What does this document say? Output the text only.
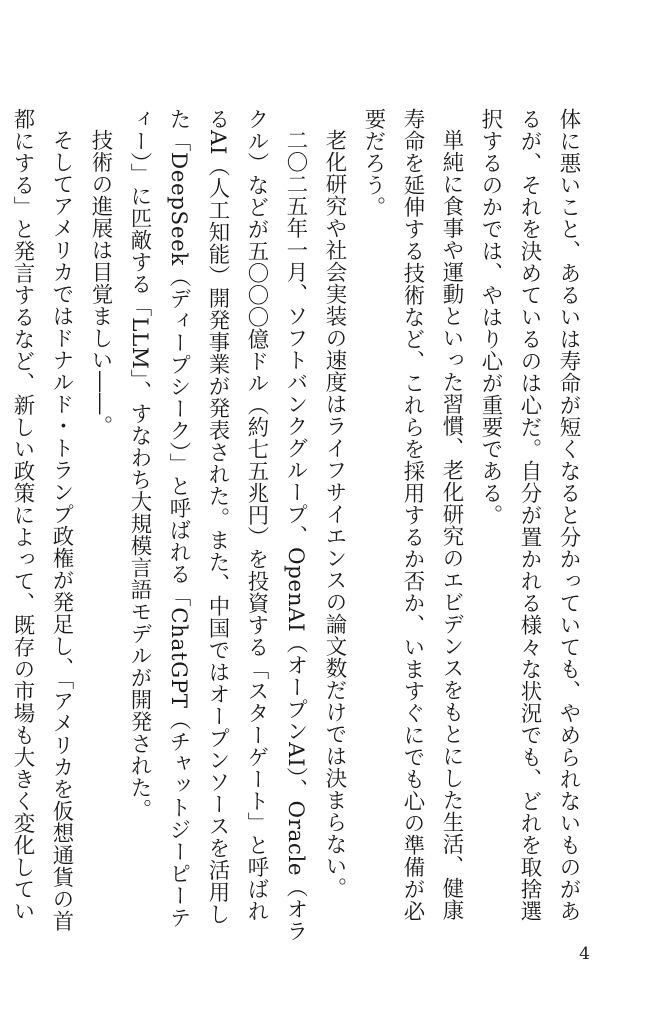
体に悪いこと、あるいは寿命が短くなると分かっていても、やめられないものがあるが、それを決めているのは心だ。自分が置かれる様々な状況でも、どれを取捨選択するのかでは、やはり心が重要である。

単純に食事や運動といった習慣、老化研究のエビデンスをもとにした生活、健康寿命を延伸する技術など、これらを採用するか否か、いますぐにでも心の準備が必要だろう。

老化研究や社会実装の速度はライフサイエンスの論文数だけでは決まらない。

二〇二五年一月、ソフトバンクグループ、OpenAI（オープンAI）、Oracle（オラクル）などが五〇〇〇億ドル（約七五兆円）を投資する「スターゲート」と呼ばれるAI（人工知能）開発事業が発表された。また、中国ではオープンソースを活用した「DeepSeek（ディープシーク）」と呼ばれる「ChatGPT（チャットジーピーティー）」に匹敵する「LLM」、すなわち大規模言語モデルが開発された。

技術の進展は目覚ましい――。

そしてアメリカではドナルド・トランプ政権が発足し、「アメリカを仮想通貨の首都にする」と発言するなど、新しい政策によって、既存の市場も大きく変化してい

4
